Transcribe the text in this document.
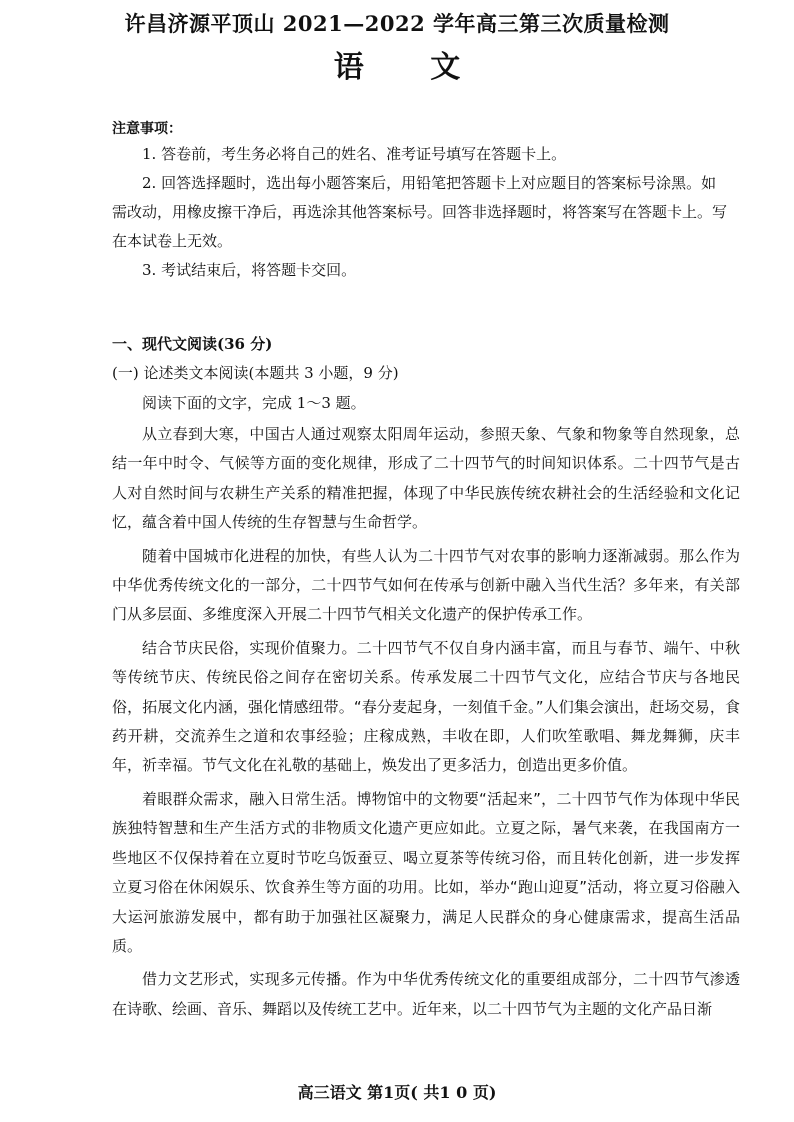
许昌济源平顶山 2021—2022 学年高三第三次质量检测
语 文
注意事项：

1. 答卷前，考生务必将自己的姓名、准考证号填写在答题卡上。

2. 回答选择题时，选出每小题答案后，用铅笔把答题卡上对应题目的答案标号涂黑。如需改动，用橡皮擦干净后，再选涂其他答案标号。回答非选择题时，将答案写在答题卡上。写在本试卷上无效。

3. 考试结束后，将答题卡交回。

一、现代文阅读(36 分)
(一) 论述类文本阅读(本题共 3 小题，9 分)
阅读下面的文字，完成 1～3 题。

从立春到大寒，中国古人通过观察太阳周年运动，参照天象、气象和物象等自然现象，总结一年中时令、气候等方面的变化规律，形成了二十四节气的时间知识体系。二十四节气是古人对自然时间与农耕生产关系的精准把握，体现了中华民族传统农耕社会的生活经验和文化记忆，蕴含着中国人传统的生存智慧与生命哲学。

随着中国城市化进程的加快，有些人认为二十四节气对农事的影响力逐渐减弱。那么作为中华优秀传统文化的一部分，二十四节气如何在传承与创新中融入当代生活？多年来，有关部门从多层面、多维度深入开展二十四节气相关文化遗产的保护传承工作。

结合节庆民俗，实现价值聚力。二十四节气不仅自身内涵丰富，而且与春节、端午、中秋等传统节庆、传统民俗之间存在密切关系。传承发展二十四节气文化，应结合节庆与各地民俗，拓展文化内涵，强化情感纽带。“春分麦起身，一刻值千金。”人们集会演出，赶场交易，食药开耕，交流养生之道和农事经验；庄稼成熟，丰收在即，人们吹笙歌唱、舞龙舞狮，庆丰年，祈幸福。节气文化在礼敬的基础上，焕发出了更多活力，创造出更多价值。

着眼群众需求，融入日常生活。博物馆中的文物要“活起来”，二十四节气作为体现中华民族独特智慧和生产生活方式的非物质文化遗产更应如此。立夏之际，暑气来袭，在我国南方一些地区不仅保持着在立夏时节吃乌饭蚕豆、喝立夏茶等传统习俗，而且转化创新，进一步发挥立夏习俗在休闲娱乐、饮食养生等方面的功用。比如，举办“跑山迎夏”活动，将立夏习俗融入大运河旅游发展中，都有助于加强社区凝聚力，满足人民群众的身心健康需求，提高生活品质。

借力文艺形式，实现多元传播。作为中华优秀传统文化的重要组成部分，二十四节气渗透在诗歌、绘画、音乐、舞蹈以及传统工艺中。近年来，以二十四节气为主题的文化产品日渐

高三语文 第1页( 共1 0 页)
